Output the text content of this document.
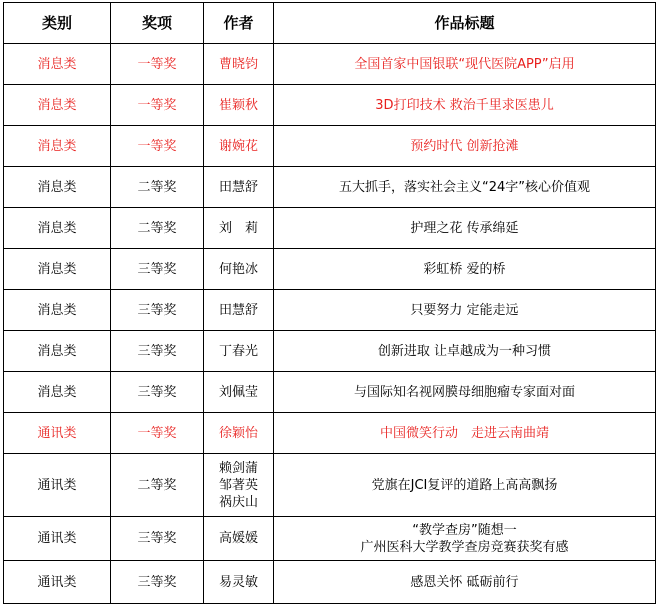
类别	奖项	作者	作品标题
消息类	一等奖	曹晓钧	全国首家中国银联“现代医院APP”启用

消息类	一等奖	崔颖秋	3D打印技术 救治千里求医患儿

消息类	一等奖	谢婉花	预约时代 创新抢滩

消息类	二等奖	田慧舒	五大抓手，落实社会主义“24字”核心价值观

消息类	二等奖	刘　莉	护理之花 传承绵延

消息类	三等奖	何艳冰	彩虹桥 爱的桥

消息类	三等奖	田慧舒	只要努力 定能走远

消息类	三等奖	丁春光	创新进取 让卓越成为一种习惯

消息类	三等奖	刘佩莹	与国际知名视网膜母细胞瘤专家面对面

通讯类	一等奖	徐颖怡	中国微笑行动　走进云南曲靖

通讯类	二等奖	赖剑蒲
邹著英
祸庆山	党旗在JCI复评的道路上高高飘扬

通讯类	三等奖	高媛媛	“教学查房”随想一
广州医科大学教学查房竞赛获奖有感

通讯类	三等奖	易灵敏	感恩关怀 砥砺前行
